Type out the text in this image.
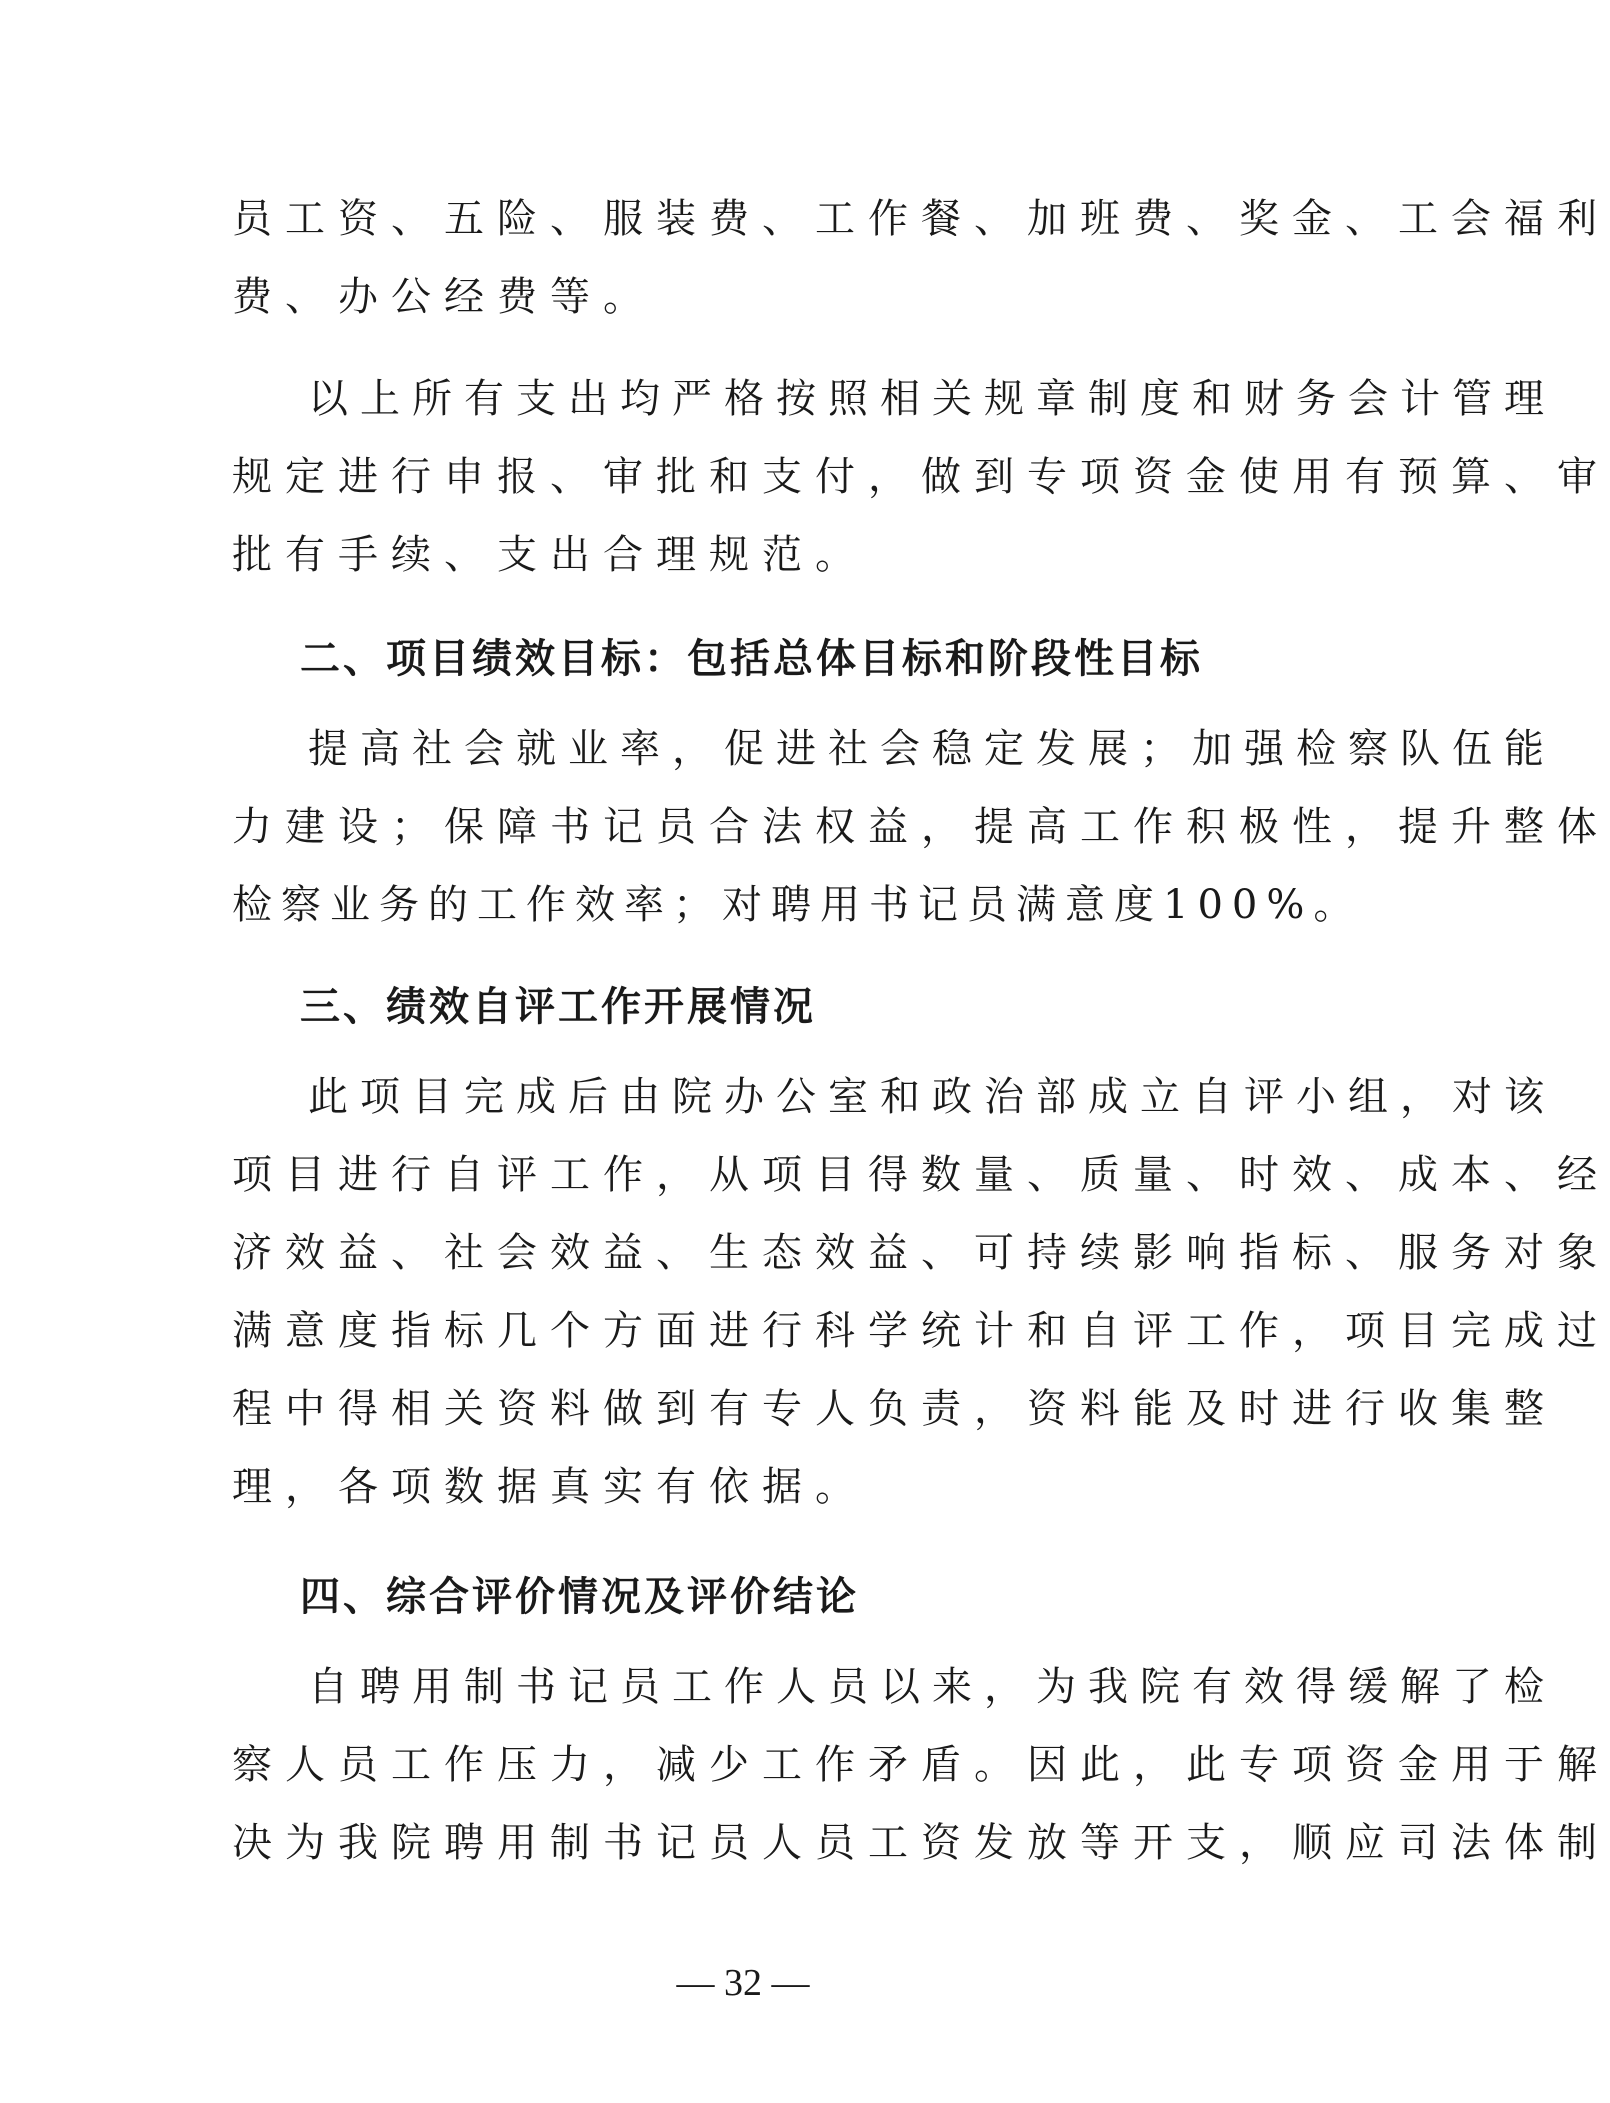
员工资、五险、服装费、工作餐、加班费、奖金、工会福利
费、办公经费等。
以上所有支出均严格按照相关规章制度和财务会计管理
规定进行申报、审批和支付，做到专项资金使用有预算、审
批有手续、支出合理规范。
二、项目绩效目标：包括总体目标和阶段性目标
提高社会就业率，促进社会稳定发展；加强检察队伍能
力建设；保障书记员合法权益，提高工作积极性，提升整体
检察业务的工作效率；对聘用书记员满意度100%。
三、绩效自评工作开展情况
此项目完成后由院办公室和政治部成立自评小组，对该
项目进行自评工作，从项目得数量、质量、时效、成本、经
济效益、社会效益、生态效益、可持续影响指标、服务对象
满意度指标几个方面进行科学统计和自评工作，项目完成过
程中得相关资料做到有专人负责，资料能及时进行收集整
理，各项数据真实有依据。
四、综合评价情况及评价结论
自聘用制书记员工作人员以来，为我院有效得缓解了检
察人员工作压力，减少工作矛盾。因此，此专项资金用于解
决为我院聘用制书记员人员工资发放等开支，顺应司法体制
— 32 —
